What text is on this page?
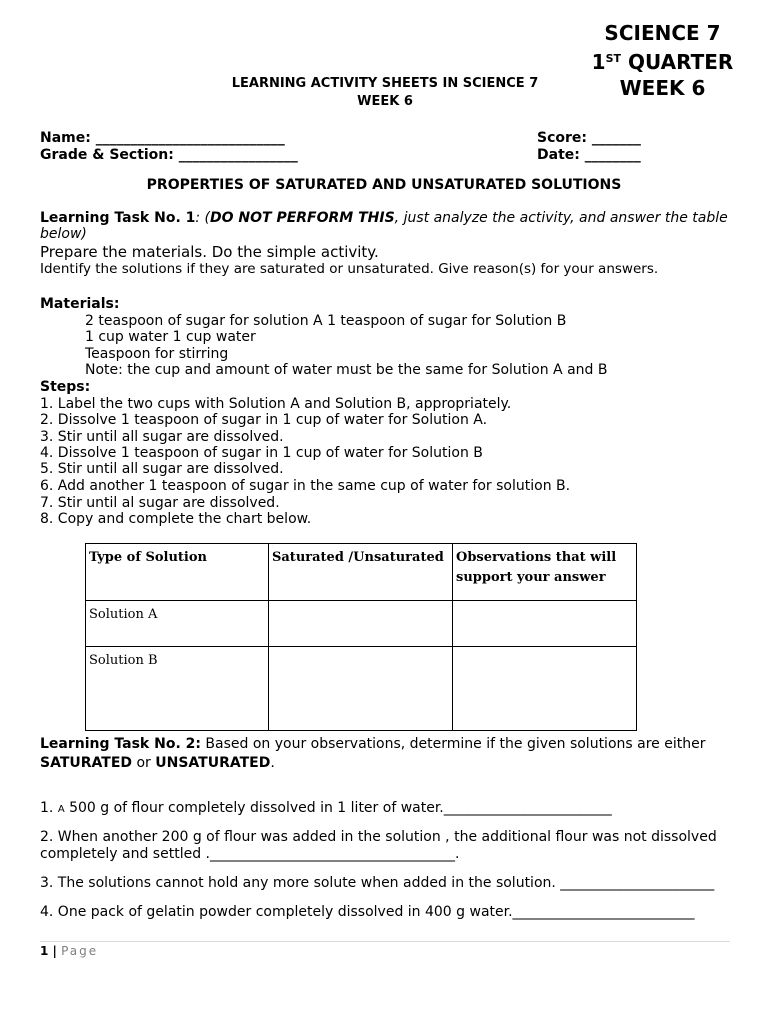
SCIENCE 7
1ST QUARTER
WEEK 6
LEARNING ACTIVITY SHEETS IN SCIENCE 7
WEEK 6
Name: ___________________________
Grade & Section: _________________
Score: _______
Date: ________
PROPERTIES OF SATURATED AND UNSATURATED SOLUTIONS
Learning Task No. 1: (DO NOT PERFORM THIS, just analyze the activity, and answer the table
below)
Prepare the materials. Do the simple activity.
Identify the solutions if they are saturated or unsaturated. Give reason(s) for your answers.
Materials:
2 teaspoon of sugar for solution A 1 teaspoon of sugar for Solution B
1 cup water 1 cup water
Teaspoon for stirring
Note: the cup and amount of water must be the same for Solution A and B
Steps:
1. Label the two cups with Solution A and Solution B, appropriately.
2. Dissolve 1 teaspoon of sugar in 1 cup of water for Solution A.
3. Stir until all sugar are dissolved.
4. Dissolve 1 teaspoon of sugar in 1 cup of water for Solution B
5. Stir until all sugar are dissolved.
6. Add another 1 teaspoon of sugar in the same cup of water for solution B.
7. Stir until al sugar are dissolved.
8. Copy and complete the chart below.
Type of Solution	Saturated /Unsaturated	Observations that will support your answer
Solution A		
Solution B		
Learning Task No. 2: Based on your observations, determine if the given solutions are either
SATURATED or UNSATURATED.
1. A 500 g of flour completely dissolved in 1 liter of water.________________________
2. When another 200 g of flour was added in the solution , the additional flour was not dissolved completely and settled .___________________________________.
3. The solutions cannot hold any more solute when added in the solution. ______________________
4. One pack of gelatin powder completely dissolved in 400 g water.__________________________
1 | Page
